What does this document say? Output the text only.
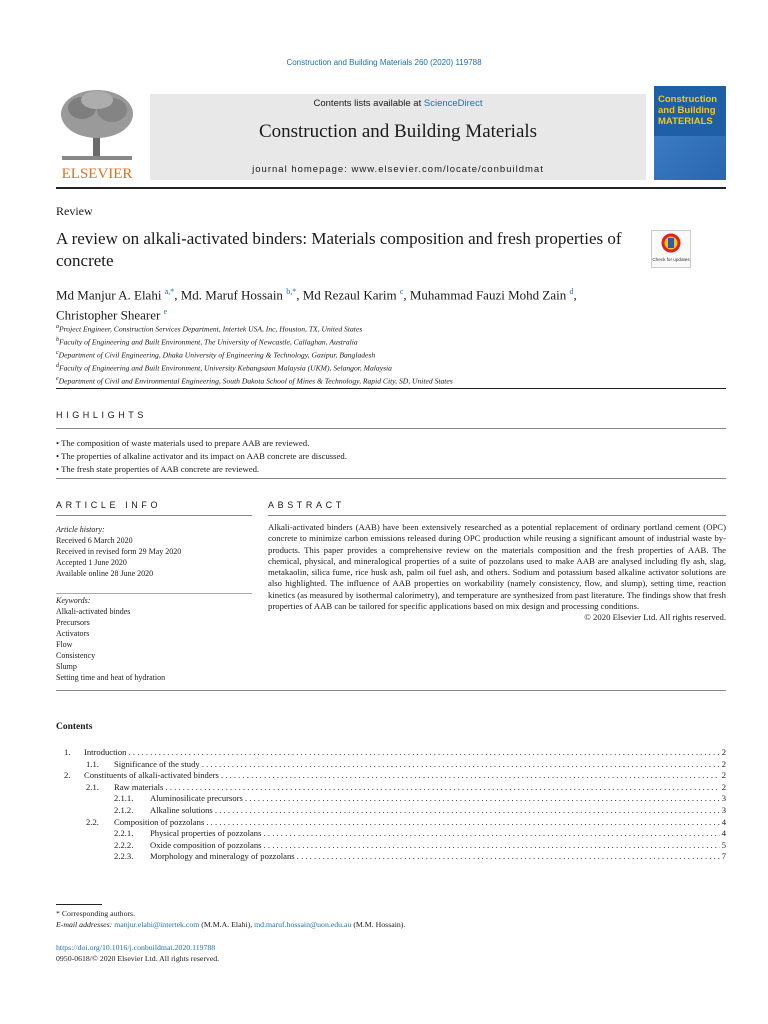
Construction and Building Materials 260 (2020) 119788
ELSEVIER
Contents lists available at ScienceDirect
Construction and Building Materials
journal homepage: www.elsevier.com/locate/conbuildmat
Construction
and Building
MATERIALS
Review
A review on alkali-activated binders: Materials composition and fresh properties of concrete	Check for updates
Md Manjur A. Elahi $^{a,*}$, Md. Maruf Hossain $^{b,*}$, Md Rezaul Karim $^c$, Muhammad Fauzi Mohd Zain $^d$,
Christopher Shearer $^e$
$^a$Project Engineer, Construction Services Department, Intertek USA, Inc, Houston, TX, United States
$^b$Faculty of Engineering and Built Environment, The University of Newcastle, Callaghan, Australia
$^c$Department of Civil Engineering, Dhaka University of Engineering & Technology, Gazipur, Bangladesh
$^d$Faculty of Engineering and Built Environment, University Kebangsaan Malaysia (UKM), Selangor, Malaysia
$^e$Department of Civil and Environmental Engineering, South Dakota School of Mines & Technology, Rapid City, SD, United States
HIGHLIGHTS
• The composition of waste materials used to prepare AAB are reviewed.
• The properties of alkaline activator and its impact on AAB concrete are discussed.
• The fresh state properties of AAB concrete are reviewed.
ARTICLE INFO	ABSTRACT
Article history:
Received 6 March 2020
Received in revised form 29 May 2020
Accepted 1 June 2020
Available online 28 June 2020
Keywords:
Alkali-activated bindes
Precursors
Activators
Flow
Consistency
Slump
Setting time and heat of hydration
Alkali-activated binders (AAB) have been extensively researched as a potential replacement of ordinary portland cement (OPC) concrete to minimize carbon emissions released during OPC production while reusing a significant amount of industrial waste by-products. This paper provides a comprehensive review on the materials composition and the fresh properties of AAB. The chemical, physical, and mineralogical properties of a suite of pozzolans used to make AAB are analysed including fly ash, slag, metakaolin, silica fume, rice husk ash, palm oil fuel ash, and others. Sodium and potassium based alkaline activator solutions are also highlighted. The influence of AAB properties on workability (namely consistency, flow, and slump), setting time, reaction kinetics (as measured by isothermal calorimetry), and temperature are synthesized from past literature. The findings show that fresh properties of AAB can be tailored for specific applications based on mix design and processing conditions.
© 2020 Elsevier Ltd. All rights reserved.
Contents
1. Introduction . . .	2
1.1. Significance of the study . . .	2
2. Constituents of alkali-activated binders . . .	2
2.1. Raw materials . . .	2
2.1.1. Aluminosilicate precursors . . .	3
2.1.2. Alkaline solutions . . .	3
2.2. Composition of pozzolans . . .	4
2.2.1. Physical properties of pozzolans . . .	4
2.2.2. Oxide composition of pozzolans . . .	5
2.2.3. Morphology and mineralogy of pozzolans . . .	7
* Corresponding authors.
E-mail addresses: manjur.elahi@intertek.com (M.M.A. Elahi), md.maruf.hossain@uon.edu.au (M.M. Hossain).
https://doi.org/10.1016/j.conbuildmat.2020.119788
0950-0618/© 2020 Elsevier Ltd. All rights reserved.
